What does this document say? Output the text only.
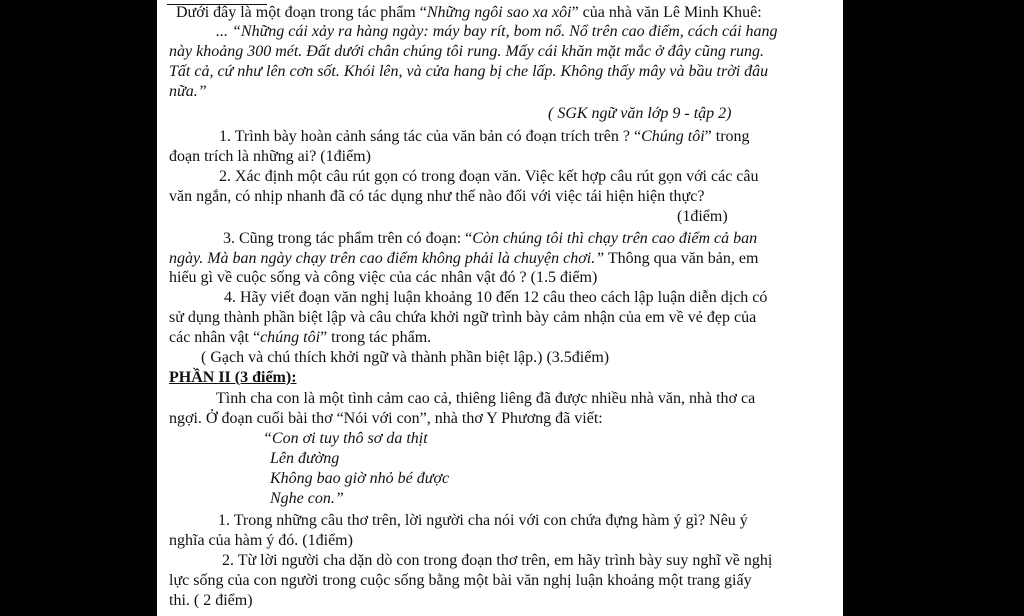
Dưới đây là một đoạn trong tác phẩm “Những ngôi sao xa xôi” của nhà văn Lê Minh Khuê:
... “Những cái xảy ra hàng ngày: máy bay rít, bom nổ. Nổ trên cao điểm, cách cái hang
này khoảng 300 mét. Đất dưới chân chúng tôi rung. Mấy cái khăn mặt mắc ở đây cũng rung.
Tất cả, cứ như lên cơn sốt. Khói lên, và cửa hang bị che lấp. Không thấy mây và bầu trời đâu
nữa.”
( SGK ngữ văn lớp 9 - tập 2)
1. Trình bày hoàn cảnh sáng tác của văn bản có đoạn trích trên ? “Chúng tôi” trong
đoạn trích là những ai? (1điểm)
2. Xác định một câu rút gọn có trong đoạn văn. Việc kết hợp câu rút gọn với các câu
văn ngắn, có nhịp nhanh đã có tác dụng như thế nào đối với việc tái hiện hiện thực?
(1điểm)
3. Cũng trong tác phẩm trên có đoạn: “Còn chúng tôi thì chạy trên cao điểm cả ban
ngày. Mà ban ngày chạy trên cao điểm không phải là chuyện chơi.” Thông qua văn bản, em
hiểu gì về cuộc sống và công việc của các nhân vật đó ? (1.5 điểm)
4. Hãy viết đoạn văn nghị luận khoảng 10 đến 12 câu theo cách lập luận diễn dịch có
sử dụng thành phần biệt lập và câu chứa khởi ngữ trình bày cảm nhận của em về vẻ đẹp của
các nhân vật “chúng tôi” trong tác phẩm.
( Gạch và chú thích khởi ngữ và thành phần biệt lập.) (3.5điểm)
PHẦN II (3 điểm):
Tình cha con là một tình cảm cao cả, thiêng liêng đã được nhiều nhà văn, nhà thơ ca
ngợi. Ở đoạn cuối bài thơ “Nói với con”, nhà thơ Y Phương đã viết:
“Con ơi tuy thô sơ da thịt
Lên đường
Không bao giờ nhỏ bé được
Nghe con.”
1. Trong những câu thơ trên, lời người cha nói với con chứa đựng hàm ý gì? Nêu ý
nghĩa của hàm ý đó. (1điểm)
2. Từ lời người cha dặn dò con trong đoạn thơ trên, em hãy trình bày suy nghĩ về nghị
lực sống của con người trong cuộc sống bằng một bài văn nghị luận khoảng một trang giấy
thi. ( 2 điểm)
